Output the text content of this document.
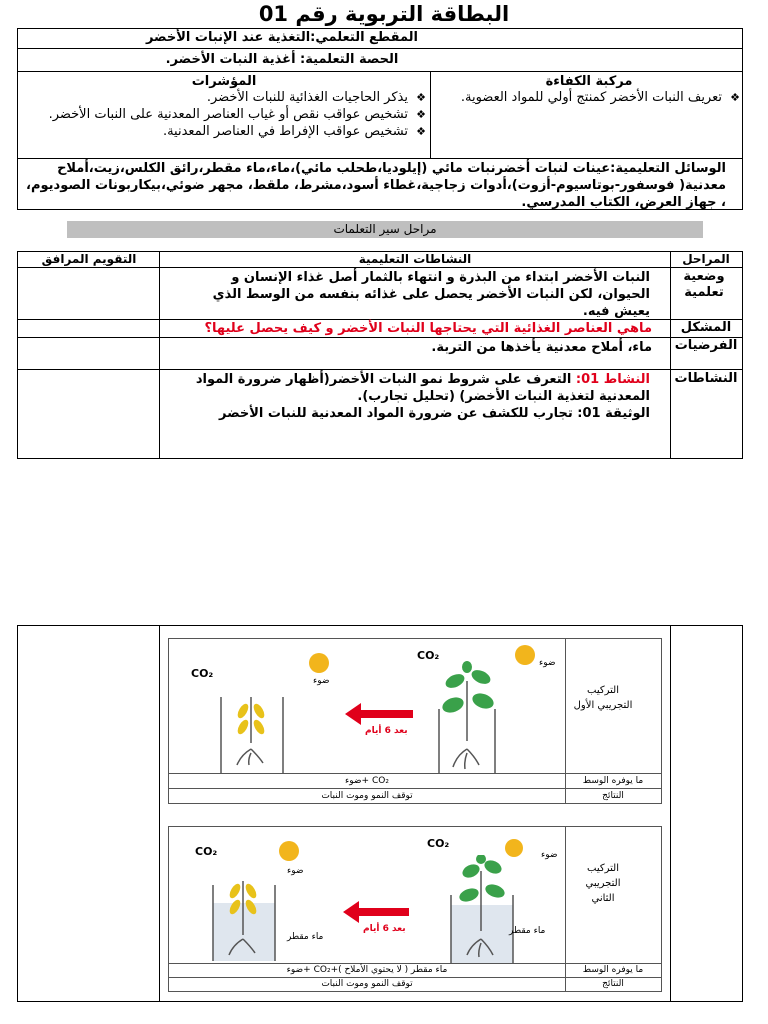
البطاقة التربوية رقم 01
المقطع التعلمي:التغذية عند الإنبات الأخضر
الحصة التعلمية: أغذية النبات الأخضر.
مركبة الكفاءة
❖ تعريف النبات الأخضر كمنتج أولي للمواد العضوية.
المؤشرات
❖ يذكر الحاجيات الغذائية للنبات الأخضر.
❖ تشخيص عواقب نقص أو غياب العناصر المعدنية على النبات الأخضر.
❖ تشخيص عواقب الإفراط في العناصر المعدنية.
الوسائل التعليمية:عينات لنبات أخضرنبات مائي (إيلوديا،طحلب مائي)،ماء،ماء مقطر،رائق الكلس،زيت،أملاح معدنية( فوسفور-بوتاسيوم-أزوت)،أدوات زجاجية،غطاء أسود،مشرط، ملقط، مجهر ضوئي،بيكاربونات الصوديوم، ، جهاز العرض، الكتاب المدرسي.
مراحل سير التعلمات
المراحل
النشاطات التعليمية
التقويم المرافق
وضعية تعلمية
النبات الأخضر ابتداء من البذرة و انتهاء بالثمار أصل غذاء الإنسان و الحيوان، لكن النبات الأخضر يحصل على غذائه بنفسه من الوسط الذي يعيش فيه.
المشكل
ماهي العناصر الغذائية التي يحتاجها النبات الأخضر و كيف يحصل عليها؟
الفرضيات
ماء، أملاح معدنية يأخذها من التربة.
النشاطات
النشاط 01: التعرف على شروط نمو النبات الأخضر(أظهار ضرورة المواد المعدنية لتغذية النبات الأخضر) (تحليل تجارب).
الوثيقة 01: تجارب للكشف عن ضرورة المواد المعدنية للنبات الأخضر
التركيب التجريبي الأول
CO₂
ضوء
بعد 6 أيام
CO₂
ضوء
ما يوفره الوسط
CO₂ +ضوء
النتائج
توقف النمو وموت النبات
التركيب التجريبي الثاني
CO₂
ضوء
ماء مقطر
بعد 6 أيام
CO₂
ضوء
ماء مقطر
ما يوفره الوسط
ماء مقطر ( لا يحتوي الأملاح )+CO₂ +ضوء
النتائج
توقف النمو وموت النبات
